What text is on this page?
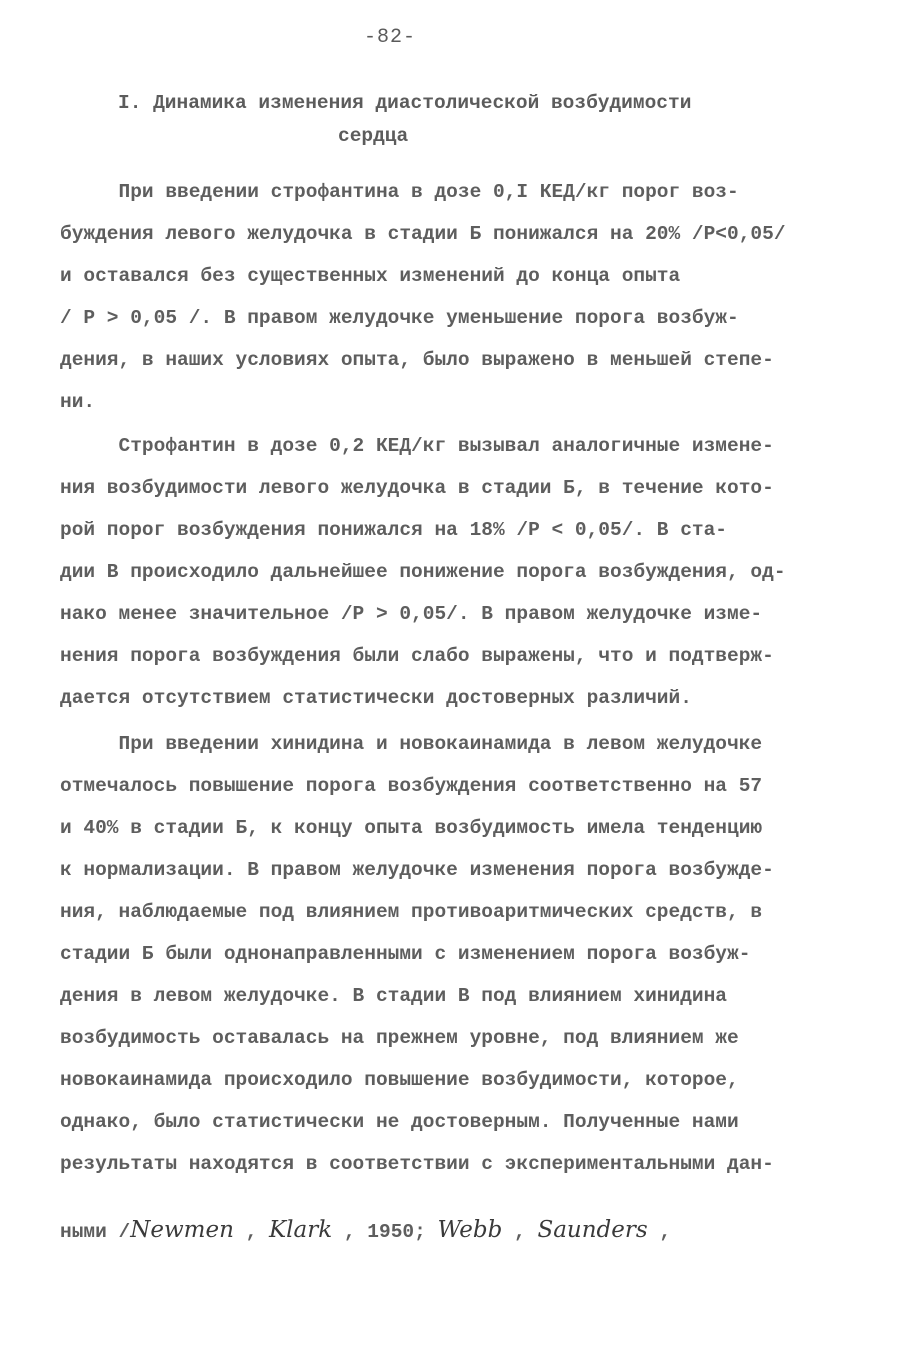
-82-
I. Динамика изменения диастолической возбудимости
сердца
При введении строфантина в дозе 0,I КЕД/кг порог воз-
буждения левого желудочка в стадии Б понижался на 20% /Р<0,05/
и оставался без существенных изменений до конца опыта
/ Р > 0,05 /. В правом желудочке уменьшение порога возбуж-
дения, в наших условиях опыта, было выражено в меньшей степе-
ни.
Строфантин в дозе 0,2 КЕД/кг вызывал аналогичные измене-
ния возбудимости левого желудочка в стадии Б, в течение кото-
рой порог возбуждения понижался на 18% /Р < 0,05/. В ста-
дии В происходило дальнейшее понижение порога возбуждения, од-
нако менее значительное /Р > 0,05/. В правом желудочке изме-
нения порога возбуждения были слабо выражены, что и подтверж-
дается отсутствием статистически достоверных различий.
При введении хинидина и новокаинамида в левом желудочке
отмечалось повышение порога возбуждения соответственно на 57
и 40% в стадии Б, к концу опыта возбудимость имела тенденцию
к нормализации. В правом желудочке изменения порога возбужде-
ния, наблюдаемые под влиянием противоаритмических средств, в
стадии Б были однонаправленными с изменением порога возбуж-
дения в левом желудочке. В стадии В под влиянием хинидина
возбудимость оставалась на прежнем уровне, под влиянием же
новокаинамида происходило повышение возбудимости, которое,
однако, было статистически не достоверным. Полученные нами
результаты находятся в соответствии с экспериментальными дан-
ными /Newmen , Klark , 1950; Webb , Saunders ,
